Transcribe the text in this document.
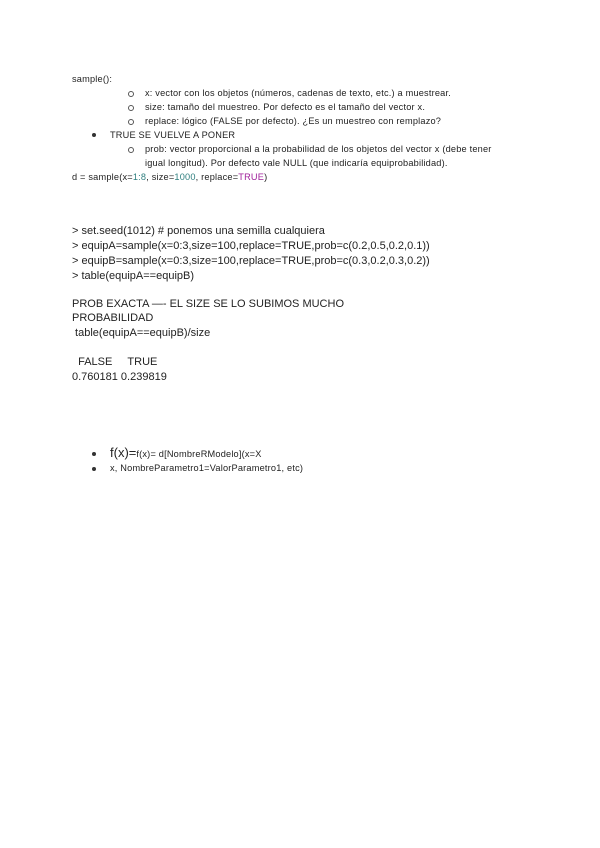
sample():
x: vector con los objetos (números, cadenas de texto, etc.) a muestrear.
size: tamaño del muestreo. Por defecto es el tamaño del vector x.
replace: lógico (FALSE por defecto). ¿Es un muestreo con remplazo?
TRUE SE VUELVE A PONER
prob: vector proporcional a la probabilidad de los objetos del vector x (debe tener
igual longitud). Por defecto vale NULL (que indicaría equiprobabilidad).
d = sample(x=1:8, size=1000, replace=TRUE)
> set.seed(1012) # ponemos una semilla cualquiera
> equipA=sample(x=0:3,size=100,replace=TRUE,prob=c(0.2,0.5,0.2,0.1))
> equipB=sample(x=0:3,size=100,replace=TRUE,prob=c(0.3,0.2,0.3,0.2))
> table(equipA==equipB)
PROB EXACTA —- EL SIZE SE LO SUBIMOS MUCHO
PROBABILIDAD
table(equipA==equipB)/size
FALSE     TRUE
0.760181 0.239819
f(x)=f(x)= d[NombreRModelo](x=X
x, NombreParametro1=ValorParametro1, etc)
